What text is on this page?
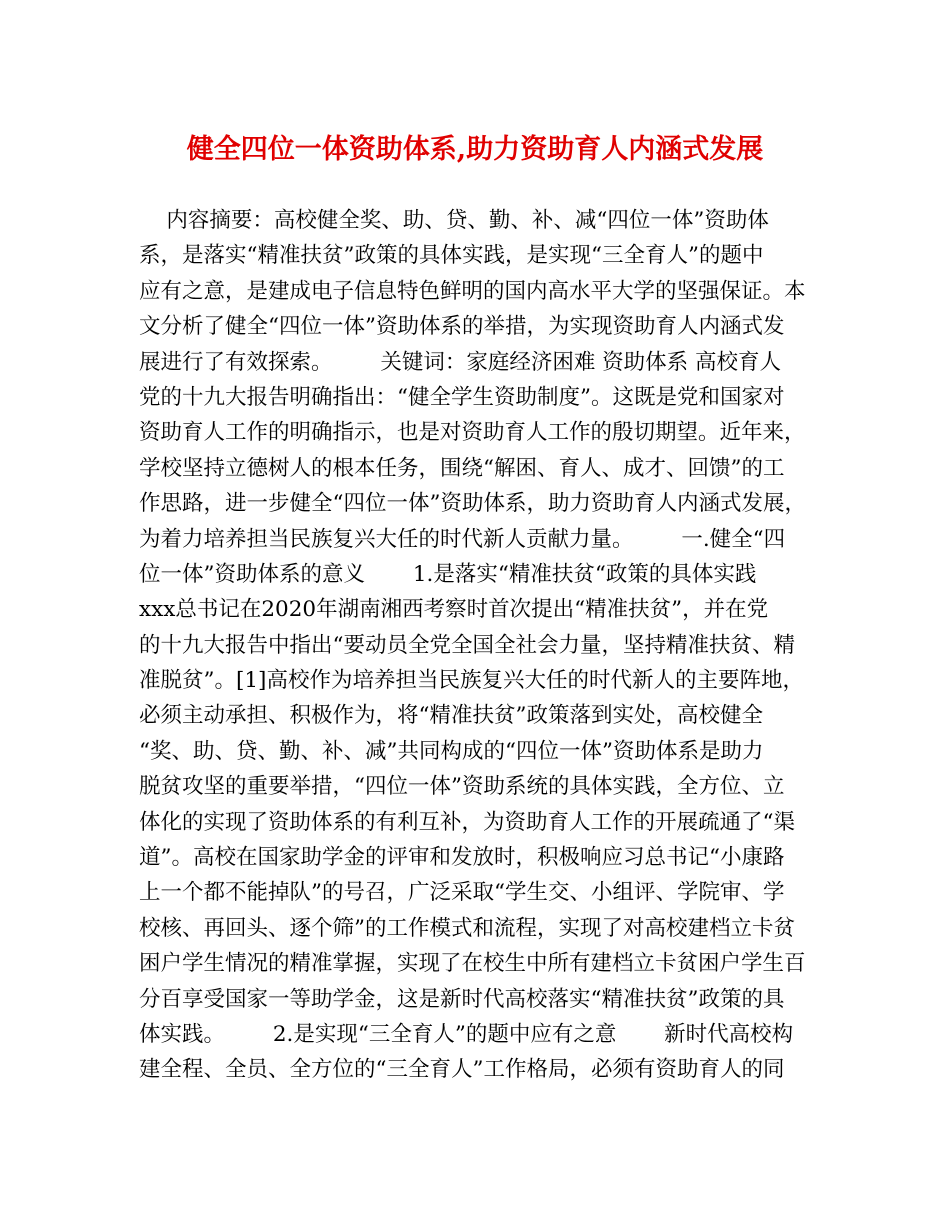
健全四位一体资助体系,助力资助育人内涵式发展
内容摘要：高校健全奖、助、贷、勤、补、减“四位一体”资助体
系，是落实“精准扶贫”政策的具体实践，是实现“三全育人”的题中
应有之意，是建成电子信息特色鲜明的国内高水平大学的坚强保证。本
文分析了健全“四位一体”资助体系的举措，为实现资助育人内涵式发
展进行了有效探索。       关键词：家庭经济困难 资助体系 高校育人
党的十九大报告明确指出：“健全学生资助制度”。这既是党和国家对
资助育人工作的明确指示，也是对资助育人工作的殷切期望。近年来，
学校坚持立德树人的根本任务，围绕“解困、育人、成才、回馈”的工
作思路，进一步健全“四位一体”资助体系，助力资助育人内涵式发展，
为着力培养担当民族复兴大任的时代新人贡献力量。       一.健全“四
位一体”资助体系的意义       1.是落实“精准扶贫“政策的具体实践
xxx总书记在2020年湖南湘西考察时首次提出“精准扶贫”，并在党
的十九大报告中指出“要动员全党全国全社会力量，坚持精准扶贫、精
准脱贫”。[1]高校作为培养担当民族复兴大任的时代新人的主要阵地，
必须主动承担、积极作为，将“精准扶贫”政策落到实处，高校健全
“奖、助、贷、勤、补、减”共同构成的“四位一体”资助体系是助力
脱贫攻坚的重要举措，“四位一体”资助系统的具体实践，全方位、立
体化的实现了资助体系的有利互补，为资助育人工作的开展疏通了“渠
道”。高校在国家助学金的评审和发放时，积极响应习总书记“小康路
上一个都不能掉队”的号召，广泛采取“学生交、小组评、学院审、学
校核、再回头、逐个筛”的工作模式和流程，实现了对高校建档立卡贫
困户学生情况的精准掌握，实现了在校生中所有建档立卡贫困户学生百
分百享受国家一等助学金，这是新时代高校落实“精准扶贫”政策的具
体实践。       2.是实现“三全育人”的题中应有之意       新时代高校构
建全程、全员、全方位的“三全育人”工作格局，必须有资助育人的同
